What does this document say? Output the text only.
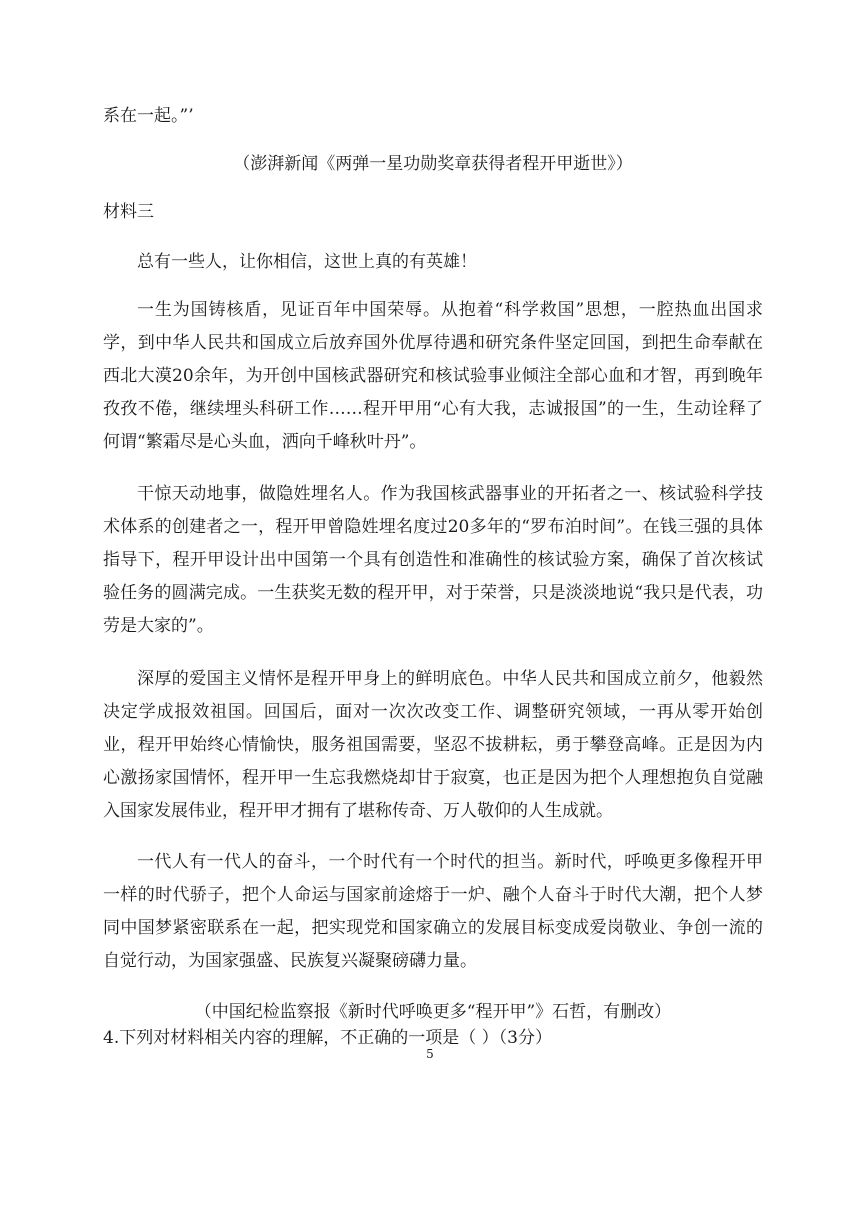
系在一起。”’
（澎湃新闻《两弹一星功勋奖章获得者程开甲逝世》）
材料三
总有一些人，让你相信，这世上真的有英雄！
一生为国铸核盾，见证百年中国荣辱。从抱着“科学救国”思想，一腔热血出国求学，到中华人民共和国成立后放弃国外优厚待遇和研究条件坚定回国，到把生命奉献在西北大漠20余年，为开创中国核武器研究和核试验事业倾注全部心血和才智，再到晚年孜孜不倦，继续埋头科研工作……程开甲用“心有大我，志诚报国”的一生，生动诠释了何谓“繁霜尽是心头血，洒向千峰秋叶丹”。
干惊天动地事，做隐姓埋名人。作为我国核武器事业的开拓者之一、核试验科学技术体系的创建者之一，程开甲曾隐姓埋名度过20多年的“罗布泊时间”。在钱三强的具体指导下，程开甲设计出中国第一个具有创造性和准确性的核试验方案，确保了首次核试验任务的圆满完成。一生获奖无数的程开甲，对于荣誉，只是淡淡地说“我只是代表，功劳是大家的”。
深厚的爱国主义情怀是程开甲身上的鲜明底色。中华人民共和国成立前夕，他毅然决定学成报效祖国。回国后，面对一次次改变工作、调整研究领域，一再从零开始创业，程开甲始终心情愉快，服务祖国需要，坚忍不拔耕耘，勇于攀登高峰。正是因为内心激扬家国情怀，程开甲一生忘我燃烧却甘于寂寞，也正是因为把个人理想抱负自觉融入国家发展伟业，程开甲才拥有了堪称传奇、万人敬仰的人生成就。
一代人有一代人的奋斗，一个时代有一个时代的担当。新时代，呼唤更多像程开甲一样的时代骄子，把个人命运与国家前途熔于一炉、融个人奋斗于时代大潮，把个人梦同中国梦紧密联系在一起，把实现党和国家确立的发展目标变成爱岗敬业、争创一流的自觉行动，为国家强盛、民族复兴凝聚磅礴力量。
（中国纪检监察报《新时代呼唤更多“程开甲”》石哲，有删改）
4.下列对材料相关内容的理解，不正确的一项是（ ）（3分）
5
